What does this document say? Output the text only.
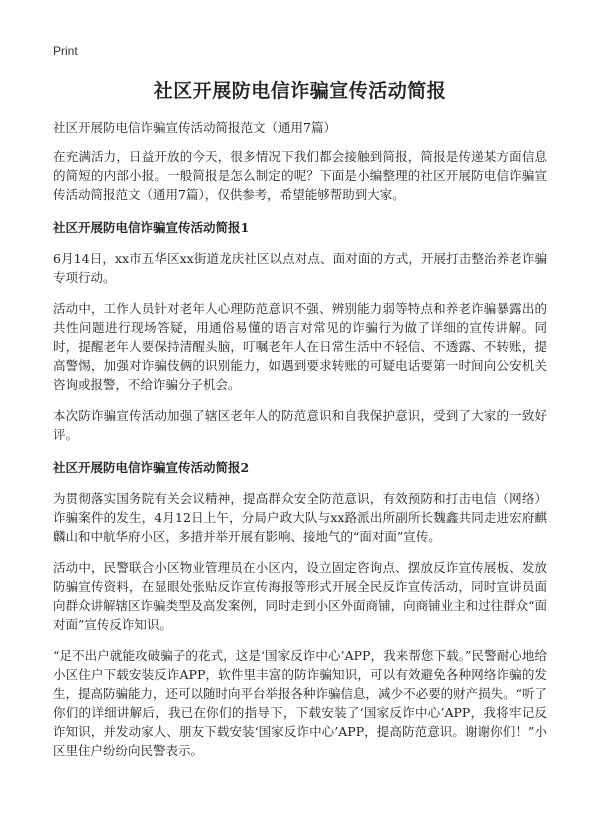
Print
社区开展防电信诈骗宣传活动简报
社区开展防电信诈骗宣传活动简报范文（通用7篇）

在充满活力，日益开放的今天，很多情况下我们都会接触到简报，简报是传递某方面信息的简短的内部小报。一般简报是怎么制定的呢？下面是小编整理的社区开展防电信诈骗宣传活动简报范文（通用7篇），仅供参考，希望能够帮助到大家。

社区开展防电信诈骗宣传活动简报1

6月14日，xx市五华区xx街道龙庆社区以点对点、面对面的方式，开展打击整治养老诈骗专项行动。

活动中，工作人员针对老年人心理防范意识不强、辨别能力弱等特点和养老诈骗暴露出的共性问题进行现场答疑，用通俗易懂的语言对常见的诈骗行为做了详细的宣传讲解。同时，提醒老年人要保持清醒头脑，叮嘱老年人在日常生活中不轻信、不透露、不转账，提高警惕，加强对诈骗伎俩的识别能力，如遇到要求转账的可疑电话要第一时间向公安机关咨询或报警，不给诈骗分子机会。

本次防诈骗宣传活动加强了辖区老年人的防范意识和自我保护意识，受到了大家的一致好评。

社区开展防电信诈骗宣传活动简报2

为贯彻落实国务院有关会议精神，提高群众安全防范意识，有效预防和打击电信（网络）诈骗案件的发生，4月12日上午，分局户政大队与xx路派出所副所长魏鑫共同走进宏府麒麟山和中航华府小区，多措并举开展有影响、接地气的“面对面”宣传。

活动中，民警联合小区物业管理员在小区内，设立固定咨询点、摆放反诈宣传展板、发放防骗宣传资料，在显眼处张贴反诈宣传海报等形式开展全民反诈宣传活动，同时宣讲员面向群众讲解辖区诈骗类型及高发案例，同时走到小区外面商铺，向商铺业主和过往群众“面对面”宣传反诈知识。

“足不出户就能攻破骗子的花式，这是‘国家反诈中心’APP，我来帮您下载。”民警耐心地给小区住户下载安装反诈APP，软件里丰富的防诈骗知识，可以有效避免各种网络诈骗的发生，提高防骗能力，还可以随时向平台举报各种诈骗信息，减少不必要的财产损失。“听了你们的详细讲解后，我已在你们的指导下，下载安装了‘国家反诈中心’APP，我将牢记反诈知识，并发动家人、朋友下载安装‘国家反诈中心’APP，提高防范意识。谢谢你们！”小区里住户纷纷向民警表示。
